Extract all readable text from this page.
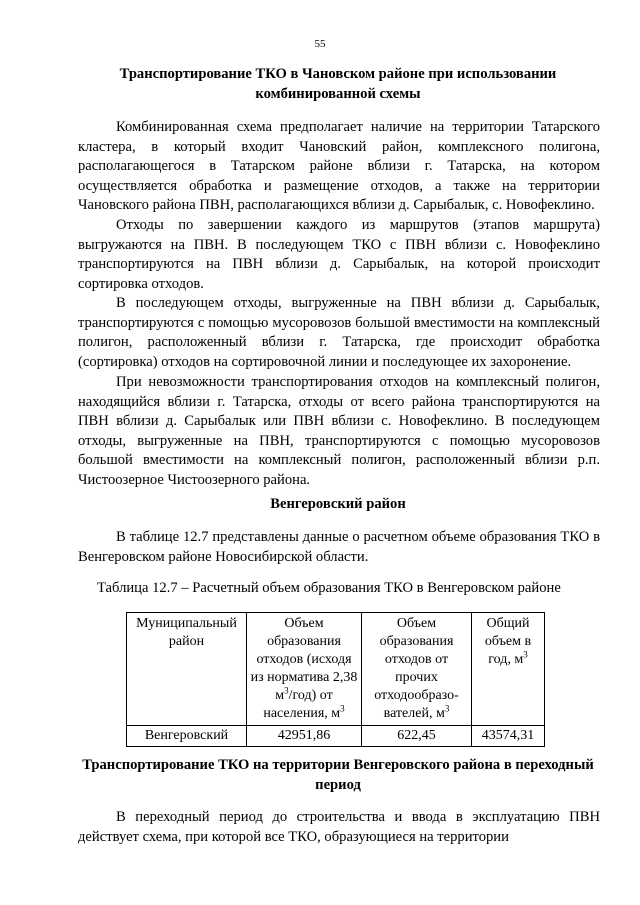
55
Транспортирование ТКО в Чановском районе при использовании комбинированной схемы
Комбинированная схема предполагает наличие на территории Татарского кластера, в который входит Чановский район, комплексного полигона, располагающегося в Татарском районе вблизи г. Татарска, на котором осуществляется обработка и размещение отходов, а также на территории Чановского района ПВН, располагающихся вблизи д. Сарыбалык, с. Новофеклино.
Отходы по завершении каждого из маршрутов (этапов маршрута) выгружаются на ПВН. В последующем ТКО с ПВН вблизи с. Новофеклино транспортируются на ПВН вблизи д. Сарыбалык, на которой происходит сортировка отходов.
В последующем отходы, выгруженные на ПВН вблизи д. Сарыбалык, транспортируются с помощью мусоровозов большой вместимости на комплексный полигон, расположенный вблизи г. Татарска, где происходит обработка (сортировка) отходов на сортировочной линии и последующее их захоронение.
При невозможности транспортирования отходов на комплексный полигон, находящийся вблизи г. Татарска, отходы от всего района транспортируются на ПВН вблизи д. Сарыбалык или ПВН вблизи с. Новофеклино. В последующем отходы, выгруженные на ПВН, транспортируются с помощью мусоровозов большой вместимости на комплексный полигон, расположенный вблизи р.п. Чистоозерное Чистоозерного района.
Венгеровский район
В таблице 12.7 представлены данные о расчетном объеме образования ТКО в Венгеровском районе Новосибирской области.
Таблица 12.7 – Расчетный объем образования ТКО в Венгеровском районе
Муниципальный район	Объем образования отходов (исходя из норматива 2,38 $м^3/год$) от населения, $м^3$	Объем образования отходов от прочих отходообразо-вателей, $м^3$	Общий объем в год, $м^3$
Венгеровский	42951,86	622,45	43574,31
Транспортирование ТКО на территории Венгеровского района в переходный период
В переходный период до строительства и ввода в эксплуатацию ПВН действует схема, при которой все ТКО, образующиеся на территории
